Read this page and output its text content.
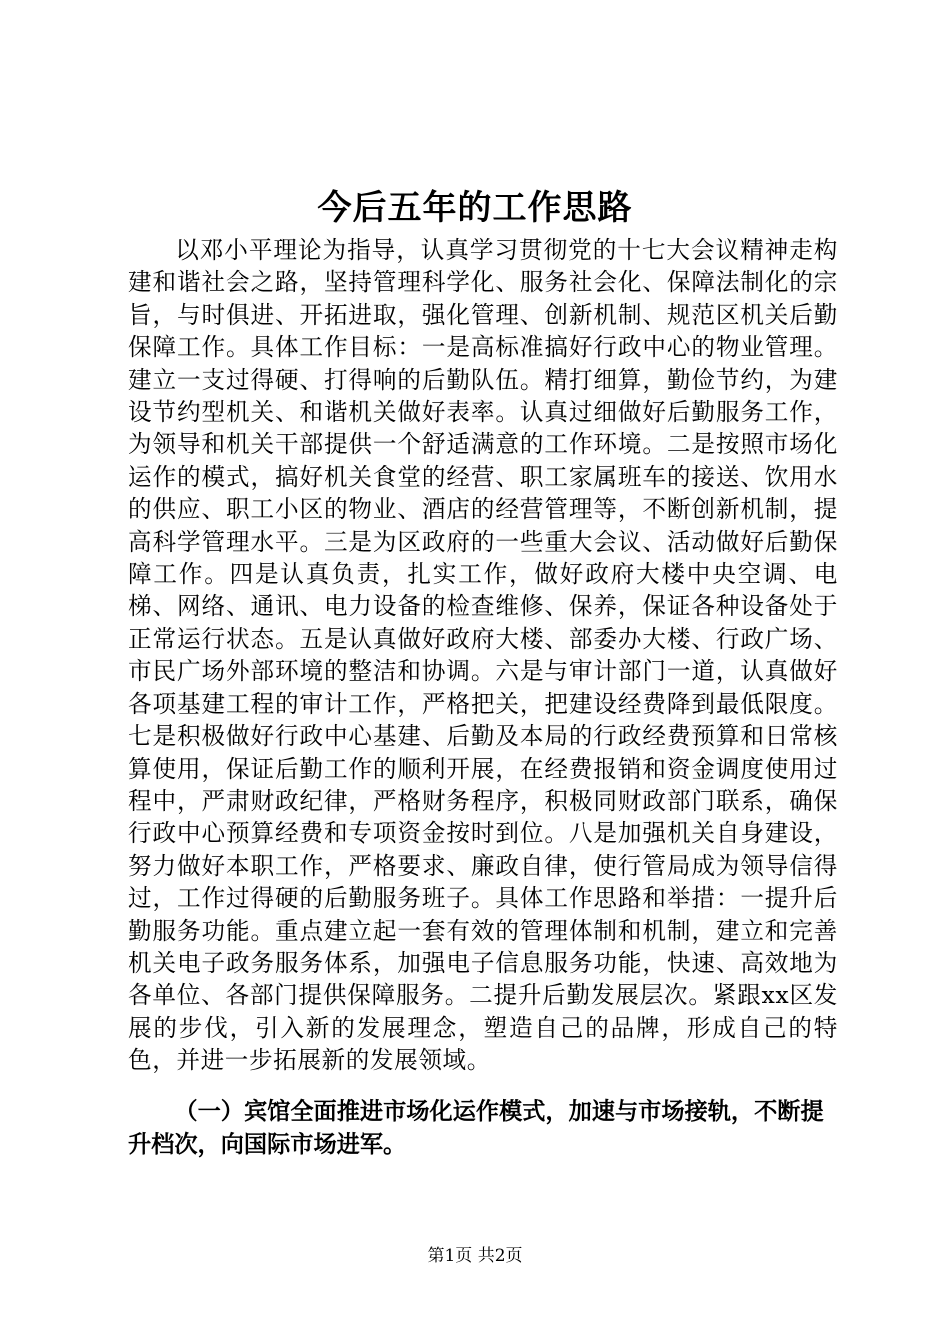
今后五年的工作思路

以邓小平理论为指导，认真学习贯彻党的十七大会议精神走构建和谐社会之路，坚持管理科学化、服务社会化、保障法制化的宗旨，与时俱进、开拓进取，强化管理、创新机制、规范区机关后勤保障工作。具体工作目标：一是高标准搞好行政中心的物业管理。建立一支过得硬、打得响的后勤队伍。精打细算，勤俭节约，为建设节约型机关、和谐机关做好表率。认真过细做好后勤服务工作，为领导和机关干部提供一个舒适满意的工作环境。二是按照市场化运作的模式，搞好机关食堂的经营、职工家属班车的接送、饮用水的供应、职工小区的物业、酒店的经营管理等，不断创新机制，提高科学管理水平。三是为区政府的一些重大会议、活动做好后勤保障工作。四是认真负责，扎实工作，做好政府大楼中央空调、电梯、网络、通讯、电力设备的检查维修、保养，保证各种设备处于正常运行状态。五是认真做好政府大楼、部委办大楼、行政广场、市民广场外部环境的整洁和协调。六是与审计部门一道，认真做好各项基建工程的审计工作，严格把关，把建设经费降到最低限度。七是积极做好行政中心基建、后勤及本局的行政经费预算和日常核算使用，保证后勤工作的顺利开展，在经费报销和资金调度使用过程中，严肃财政纪律，严格财务程序，积极同财政部门联系，确保行政中心预算经费和专项资金按时到位。八是加强机关自身建设，努力做好本职工作，严格要求、廉政自律，使行管局成为领导信得过，工作过得硬的后勤服务班子。具体工作思路和举措：一提升后勤服务功能。重点建立起一套有效的管理体制和机制，建立和完善机关电子政务服务体系，加强电子信息服务功能，快速、高效地为各单位、各部门提供保障服务。二提升后勤发展层次。紧跟xx区发展的步伐，引入新的发展理念，塑造自己的品牌，形成自己的特色，并进一步拓展新的发展领域。

（一）宾馆全面推进市场化运作模式，加速与市场接轨，不断提升档次，向国际市场进军。

第1页 共2页
